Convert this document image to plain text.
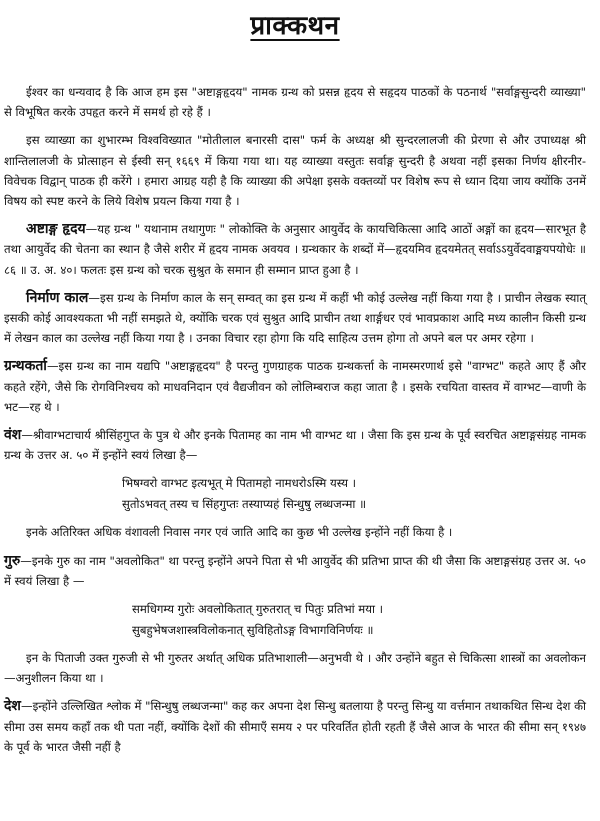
प्राक्कथन

ईश्वर का धन्यवाद है कि आज हम इस "अष्टाङ्गहृदय" नामक ग्रन्थ को प्रसन्न हृदय से सहृदय पाठकों के पठनार्थ "सर्वाङ्गसुन्दरी व्याख्या" से विभूषित करके उपहृत करने में समर्थ हो रहे हैं ।

इस व्याख्या का शुभारम्भ विश्वविख्यात "मोतीलाल बनारसी दास" फर्म के अध्यक्ष श्री सुन्दरलालजी की प्रेरणा से और उपाध्यक्ष श्री शान्तिलालजी के प्रोत्साहन से ईस्वी सन् १६६९ में किया गया था। यह व्याख्या वस्तुतः सर्वाङ्ग सुन्दरी है अथवा नहीं इसका निर्णय क्षीरनीर-विवेचक विद्वान् पाठक ही करेंगे । हमारा आग्रह यही है कि व्याख्या की अपेक्षा इसके वक्तव्यों पर विशेष रूप से ध्यान दिया जाय क्योंकि उनमें विषय को स्पष्ट करने के लिये विशेष प्रयत्न किया गया है ।

अष्टाङ्ग हृदय—यह ग्रन्थ " यथानाम तथागुणः " लोकोक्ति के अनुसार आयुर्वेद के कायचिकित्सा आदि आठों अङ्गों का हृदय—सारभूत है तथा आयुर्वेद की चेतना का स्थान है जैसे शरीर में हृदय नामक अवयव । ग्रन्थकार के शब्दों में—हृदयमिव हृदयमेतत् सर्वाऽऽयुर्वेदवाङ्मयपयोधेः ॥ ८६ ॥ उ. अ. ४०। फलतः इस ग्रन्थ को चरक सुश्रुत के समान ही सम्मान प्राप्त हुआ है ।

निर्माण काल—इस ग्रन्थ के निर्माण काल के सन् सम्वत् का इस ग्रन्थ में कहीं भी कोई उल्लेख नहीं किया गया है । प्राचीन लेखक स्यात् इसकी कोई आवश्यकता भी नहीं समझते थे, क्योंकि चरक एवं सुश्रुत आदि प्राचीन तथा शार्ङ्गधर एवं भावप्रकाश आदि मध्य कालीन किसी ग्रन्थ में लेखन काल का उल्लेख नहीं किया गया है । उनका विचार रहा होगा कि यदि साहित्य उत्तम होगा तो अपने बल पर अमर रहेगा ।

ग्रन्थकर्ता—इस ग्रन्थ का नाम यद्यपि "अष्टाङ्गहृदय" है परन्तु गुणग्राहक पाठक ग्रन्थकर्त्ता के नामस्मरणार्थ इसे "वाग्भट" कहते आए हैं और कहते रहेंगे, जैसे कि रोगविनिश्चय को माधवनिदान एवं वैद्यजीवन को लोलिम्बराज कहा जाता है । इसके रचयिता वास्तव में वाग्भट—वाणी के भट—रह थे ।

वंश—श्रीवाग्भटाचार्य श्रीसिंहगुप्त के पुत्र थे और इनके पितामह का नाम भी वाग्भट था । जैसा कि इस ग्रन्थ के पूर्व स्वरचित अष्टाङ्गसंग्रह नामक ग्रन्थ के उत्तर अ. ५० में इन्होंने स्वयं लिखा है—

भिषग्वरो वाग्भट इत्यभूत् मे पितामहो नामधरोऽस्मि यस्य ।
सुतोऽभवत् तस्य च सिंहगुप्तः तस्याप्यहं सिन्धुषु लब्धजन्मा ॥

इनके अतिरिक्त अधिक वंशावली निवास नगर एवं जाति आदि का कुछ भी उल्लेख इन्होंने नहीं किया है ।

गुरु—इनके गुरु का नाम "अवलोकित" था परन्तु इन्होंने अपने पिता से भी आयुर्वेद की प्रतिभा प्राप्त की थी जैसा कि अष्टाङ्गसंग्रह उत्तर अ. ५० में स्वयं लिखा है —

समधिगम्य गुरोः अवलोकितात् गुरुतरात् च पितुः प्रतिभां मया ।
सुबहुभेषजशास्त्रविलोकनात् सुविहितोऽङ्ग विभागविनिर्णयः ॥

इन के पिताजी उक्त गुरुजी से भी गुरुतर अर्थात् अधिक प्रतिभाशाली—अनुभवी थे । और उन्होंने बहुत से चिकित्सा शास्त्रों का अवलोकन—अनुशीलन किया था ।

देश—इन्होंने उल्लिखित श्लोक में "सिन्धुषु लब्धजन्मा" कह कर अपना देश सिन्धु बतलाया है परन्तु सिन्धु या वर्त्तमान तथाकथित सिन्ध देश की सीमा उस समय कहाँ तक थी पता नहीं, क्योंकि देशों की सीमाएँ समय २ पर परिवर्तित होती रहती हैं जैसे आज के भारत की सीमा सन् १९४७ के पूर्व के भारत जैसी नहीं है
